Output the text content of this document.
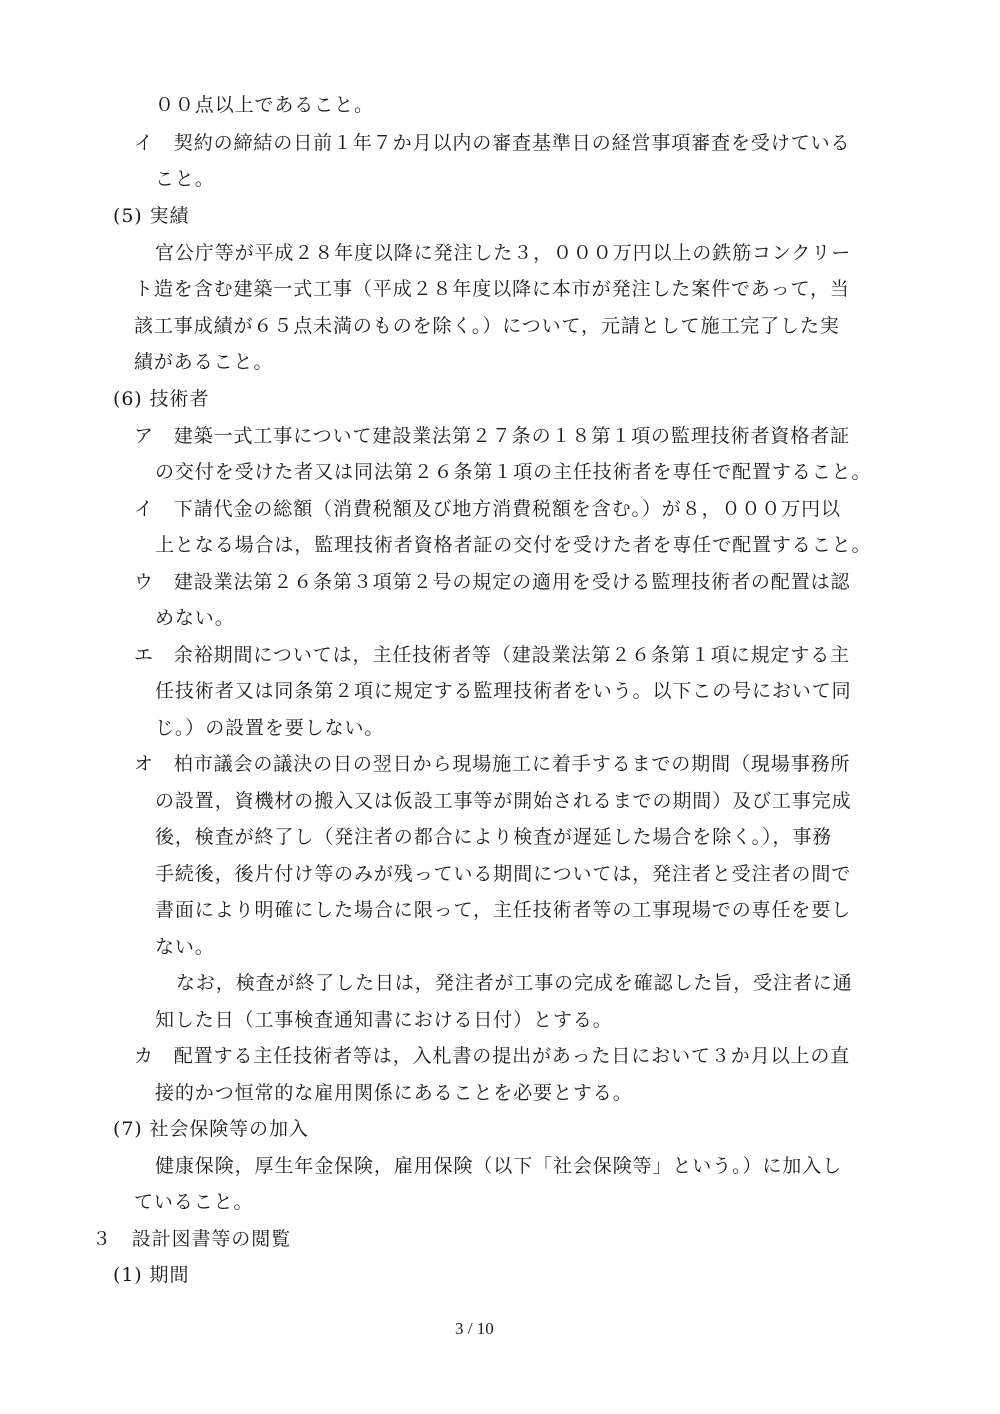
００点以上であること。
イ　契約の締結の日前１年７か月以内の審査基準日の経営事項審査を受けている
こと。
(5) 実績
官公庁等が平成２８年度以降に発注した３，０００万円以上の鉄筋コンクリー
ト造を含む建築一式工事（平成２８年度以降に本市が発注した案件であって，当
該工事成績が６５点未満のものを除く。）について，元請として施工完了した実
績があること。
(6) 技術者
ア　建築一式工事について建設業法第２７条の１８第１項の監理技術者資格者証
の交付を受けた者又は同法第２６条第１項の主任技術者を専任で配置すること。
イ　下請代金の総額（消費税額及び地方消費税額を含む。）が８，０００万円以
上となる場合は，監理技術者資格者証の交付を受けた者を専任で配置すること。
ウ　建設業法第２６条第３項第２号の規定の適用を受ける監理技術者の配置は認
めない。
エ　余裕期間については，主任技術者等（建設業法第２６条第１項に規定する主
任技術者又は同条第２項に規定する監理技術者をいう。以下この号において同
じ。）の設置を要しない。
オ　柏市議会の議決の日の翌日から現場施工に着手するまでの期間（現場事務所
の設置，資機材の搬入又は仮設工事等が開始されるまでの期間）及び工事完成
後，検査が終了し（発注者の都合により検査が遅延した場合を除く。），事務
手続後，後片付け等のみが残っている期間については，発注者と受注者の間で
書面により明確にした場合に限って，主任技術者等の工事現場での専任を要し
ない。
なお，検査が終了した日は，発注者が工事の完成を確認した旨，受注者に通
知した日（工事検査通知書における日付）とする。
カ　配置する主任技術者等は，入札書の提出があった日において３か月以上の直
接的かつ恒常的な雇用関係にあることを必要とする。
(7) 社会保険等の加入
健康保険，厚生年金保険，雇用保険（以下「社会保険等」という。）に加入し
ていること。
３　設計図書等の閲覧
(1) 期間
3 / 10
